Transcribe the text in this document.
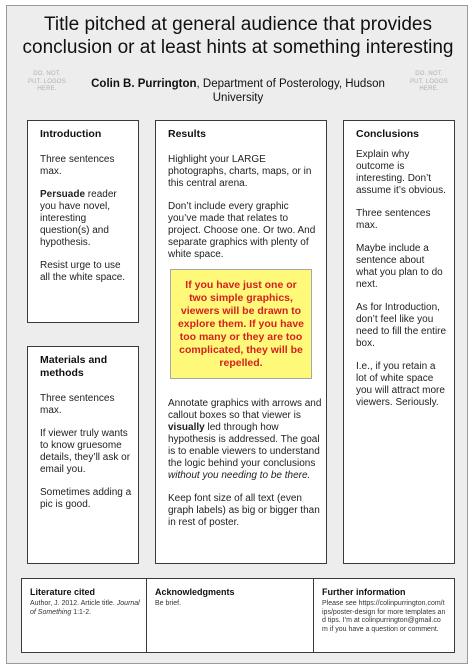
Title pitched at general audience that provides
conclusion or at least hints at something interesting
DO. NOT.
PUT. LOGOS
HERE.	Colin B. Purrington, Department of Posterology, Hudson University
DO. NOT.
PUT. LOGOS
HERE.
Introduction

Three sentences max.

Persuade reader you have novel, interesting question(s) and hypothesis.

Resist urge to use all the white space.

Materials and methods

Three sentences max.

If viewer truly wants to know gruesome details, they’ll ask or email you.

Sometimes adding a pic is good.

Results

Highlight your LARGE photographs, charts, maps, or in this central arena.

Don’t include every graphic you’ve made that relates to project. Choose one. Or two. And separate graphics with plenty of white space.

If you have just one or two simple graphics, viewers will be drawn to explore them. If you have too many or they are too complicated, they will be repelled.

Annotate graphics with arrows and callout boxes so that viewer is visually led through how hypothesis is addressed. The goal is to enable viewers to understand the logic behind your conclusions without you needing to be there.

Keep font size of all text (even graph labels) as big or bigger than in rest of poster.

Conclusions

Explain why outcome is interesting. Don’t assume it’s obvious.

Three sentences max.

Maybe include a sentence about what you plan to do next.

As for Introduction, don’t feel like you need to fill the entire box.

I.e., if you retain a lot of white space you will attract more viewers. Seriously.

Literature cited
Author, J. 2012. Article title. Journal of Something 1:1-2.
Acknowledgments
Be brief.
Further information
Please see https://colinpurrington.com/tips/poster-design for more templates and tips. I’m at colinpurrington@gmail.com if you have a question or comment.
